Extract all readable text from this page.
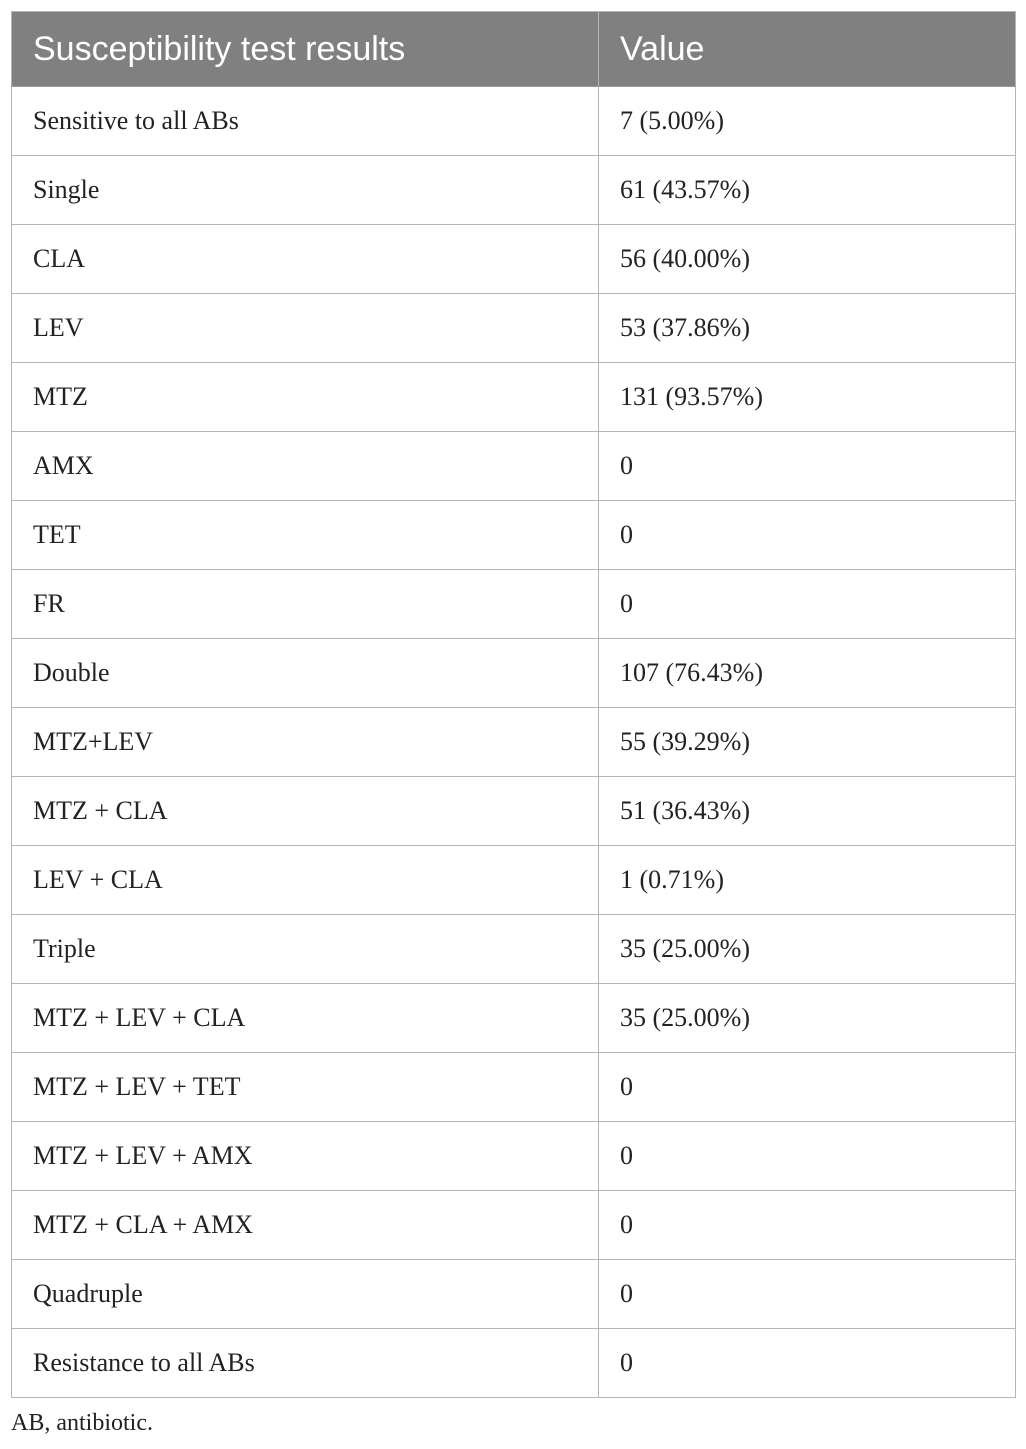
Susceptibility test results	Value
Sensitive to all ABs	7 (5.00%)
Single	61 (43.57%)
CLA	56 (40.00%)
LEV	53 (37.86%)
MTZ	131 (93.57%)
AMX	0
TET	0
FR	0
Double	107 (76.43%)
MTZ+LEV	55 (39.29%)
MTZ + CLA	51 (36.43%)
LEV + CLA	1 (0.71%)
Triple	35 (25.00%)
MTZ + LEV + CLA	35 (25.00%)
MTZ + LEV + TET	0
MTZ + LEV + AMX	0
MTZ + CLA + AMX	0
Quadruple	0
Resistance to all ABs	0
AB, antibiotic.
